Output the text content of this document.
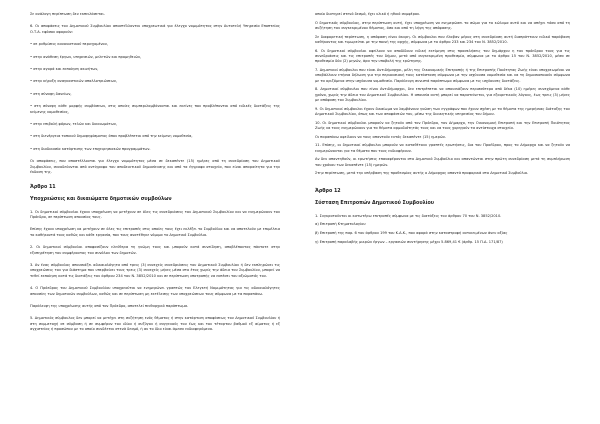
Σε ανάλογη περίπτωση δεν εκπειλάσεται.

6. Οι αποφάσεις του Δημοτικού Συμβουλίου αποστέλλονται υποχρεωτικά για έλεγχο νομιμότητας στην Αυτοτελή Υπηρεσία Εποπτείας Ο.Τ.Α. εφόσον αφορούν:

• σε ρυθμίσεις κανονιστικού περιεχομένου,

• στην ανάθεση έργων, υπηρεσιών, μελετών και προμηθειών,

• στην αγορά και εκποίηση ακινήτων,

• στην κήρυξη αναγκαστικών απαλλοτριώσεων,

• στη σύναψη δανείων,

• στη σύναψη κάθε μορφής συμβάσεων, στις οποίες συμπεριλαμβάνονται και εκείνες που προβλέπονται από ειδικές διατάξεις της κείμενης νομοθεσίας,

• στην επιβολή φόρων, τελών και δικαιωμάτων,

• στη διενέργεια τοπικού δημοψηφίσματος όπου προβλέπεται από την κείμενη νομοθεσία,

• στη διαδικασία κατάρτισης των επιχειρησιακών προγραμμάτων.

Οι αποφάσεις, που αποστέλλονται για έλεγχο νομιμότητας μέσα σε δεκαπέντε (15) ημέρες από τη συνεδρίαση του Δημοτικού Συμβουλίου, συνοδεύονται από αντίγραφο του αποδεικτικού δημοσίευσης και από τα έγγραφα στοιχεία, που είναι απαραίτητα για την έκδοση της.

Άρθρο 11
Υποχρεώσεις και δικαιώματα δημοτικών συμβούλων

1. Οι δημοτικοί σύμβουλοι έχουν υποχρέωση να μετέχουν σε όλες τις συνεδριάσεις του Δημοτικού Συμβουλίου και να ενημερώνουν τον Πρόεδρο, σε περίπτωση απουσίας τους.

Επίσης έχουν υποχρέωση να μετέχουν σε όλες τις επιτροπές στις οποίες τους έχει εκλέξει το Συμβούλιο και να αποτελούν με επιμέλεια το καθήκοντά τους καθώς και κάθε εργασία, που τους ανατέθηκε νόμιμα το Δημοτικό Συμβούλιο.

2. Οι δημοτικοί σύμβουλοι αποφασίζουν ελεύθερα τη γνώμη τους και μπορούν κατά συνείδηση, αποβλέποντας πάντοτε στην εξυπηρέτηση του συμφέροντος του συνόλου των δημοτών.

3. Αν ένας σύμβουλος απουσιάζει αδικαιολόγητα από τρεις (3) συνεχείς συνεδριάσεις του Δημοτικού Συμβουλίου ή δεν εκπληρώνει τις υποχρεώσεις του για διάστημα που υπερβαίνει τους τρεις (3) συνεχείς μήνες μέσα στο έτος χωρίς την άδεια του Συμβουλίου, μπορεί να τεθεί εκποίηση κατά τις διατάξεις του άρθρου 234 του Ν. 3852/2010 και σε περίπτωση υποτροπής να εκπέσει του αξιώματός του.

4. Ο Πρόεδρος του Δημοτικού Συμβουλίου υποχρεούται να ενημερώνει γραπτώς τον Ελεγκτή Νομιμότητας για τις αδικαιολόγητες απουσίες των δημοτικών συμβούλων, καθώς και σε περίπτωση μη εκτέλεσης των υποχρεώσεων τους σύμφωνα με τα παραπάνω.

Παράλειψη της υποχρέωσης αυτής από τον Πρόεδρο, αποτελεί πειθαρχικό παράπτωμα.

5. Δημοτικός σύμβουλος δεν μπορεί να μετέχει στη συζήτηση ενός θέματος ή στην κατάρτιση αποφάσεως του Δημοτικού Συμβουλίου ή στη συμμετοχή σε σύμβαση ή σε συμφέρον του ιδίου ή συζύγου ή συγγενούς του έως και του τέταρτου βαθμού εξ αίματος ή εξ αγχιστείας ή προσώπου με το οποίο συνδέεται στενά δεσμό, ή αν το ίδιο είναι άμεσα ενδιαφερόμενο.

οποίο διατηρεί στενό δεσμό, έχει υλικό ή ηθικό συμφέρον.

Ο δημοτικός σύμβουλος, στην περίπτωση αυτή, έχει υποχρέωση να ενημερώσει το σώμα για το κώλυμα αυτό και να απέχει τόσο από τη συζήτηση του συγκεκριμένου θέματος, όσο και από τη λήψη της απόφασης.

Σε διαφορετική περίπτωση, η απόφαση είναι άκυρη. Οι σύμβουλοι που έλαβαν μέρος στη συνεδρίαση αυτή διαπράττουν ειδικό παράβαση καθήκοντος και τιμωρείται με την ποινή της αρχής, σύμφωνα με το άρθρο 233 και 234 του Ν. 3852/2010.

6. Οι δημοτικοί σύμβουλοι οφείλουν να αποδίδουν ειδική εκτίμηση στις προσκλήσεις του δημάρχου η του πρόεδρου τους για τις συνεδριάσεις και τις επιτροπές του δήμου, μετά από συγκεκριμένη προθεσμία, σύμφωνα με το άρθρο 15 του Ν. 3852/2010, μέσα σε προθεσμία δύο (2) μηνών, άρα την υποβολή της ερώτησης.

7. Δημοτικοί σύμβουλοι που είναι Αντιδήμαρχοι, μέλη της Οικονομικής Επιτροπής ή της Επιτροπής Ποιότητας Ζωής είναι υποχρεωμένοι να υποβάλλουν ετήσια δήλωση για την περιουσιακή τους κατάσταση σύμφωνα με την ισχύουσα νομοθεσία και να τη δημοσιοποιούν σύμφωνα με τα οριζόμενα στην ισχύουσα νομοθεσία. Παράλειψη συνιστά παράπτωμα σύμφωνα με τις ισχύουσες διατάξεις.

8. Δημοτικοί σύμβουλοι που είναι Αντιδήμαρχοι, δεν επιτρέπεται να απουσιάζουν περισσότερο από δέκα (10) ημέρες συνεχόμενα κάθε χρόνο, χωρίς την άδεια του Δημοτικού Συμβουλίου. Η απουσία αυτή μπορεί να παρατείνεται, για εξαιρετικούς λόγους, έως τρεις (3) μήνες με απόφαση του Συμβουλίου.

9. Οι δημοτικοί σύμβουλοι έχουν δικαίωμα να λαμβάνουν γνώση των εγγράφων που έχουν σχέση με τα θέματα της ημερήσιας διάταξης του Δημοτικού Συμβουλίου, όπως και των αποφάσεών του, μέσω της διοικητικής υπηρεσίας του δήμου.

10. Οι δημοτικοί σύμβουλοι μπορούν να ζητούν από τον Πρόεδρο, τον Δήμαρχο, την Οικονομική Επιτροπή και την Επιτροπή Ποιότητας Ζωής να τους ενημερώνουν για τα θέματα αρμοδιότητάς τους και να τους χορηγούν τα αντίστοιχα στοιχεία.

Οι παραπάνω οφείλουν να τους απαντούν εντός δεκαπέντε (15) ημερών.

11. Επίσης, οι δημοτικοί σύμβουλοι μπορούν να καταθέτουν γραπτές ερωτήσεις, δια του Προέδρου, προς το Δήμαρχο και να ζητούν να ενημερώνονται για τα θέματα που τους ενδιαφέρουν.

Αν δεν απαντηθούν, οι ερωτήσεις επαναφέρονται στο Δημοτικό Συμβούλιο και απαντώνται στην πρώτη συνεδρίαση μετά τη συμπλήρωση του χρόνου των δεκαπέντε (15) ημερών.

Στην περίπτωση, μετά την υπέρβαση της προθεσμίας αυτής ο Δήμαρχος απαντά προφορικά στο Δημοτικό Συμβούλιο.

Άρθρο 12
Σύσταση Επιτροπών Δημοτικού Συμβουλίου

1. Συγκροτούνται οι κατωτέρω επιτροπές σύμφωνα με τις διατάξεις του άρθρου 70 του Ν. 3852/2010.

α) Επιτροπή Κτηματολογίου

β) Επιτροπή της παρ. 6 του άρθρου 199 του Κ.Δ.Κ., που αφορά στην καταστροφή αντικειμένων άνευ αξίας

γ) Επιτροπή παραλαβής μικρών έργων – εργασιών συντήρησης μέχρι 5.869,41 € (άρθρ. 15 Π.Δ. 171/87)
